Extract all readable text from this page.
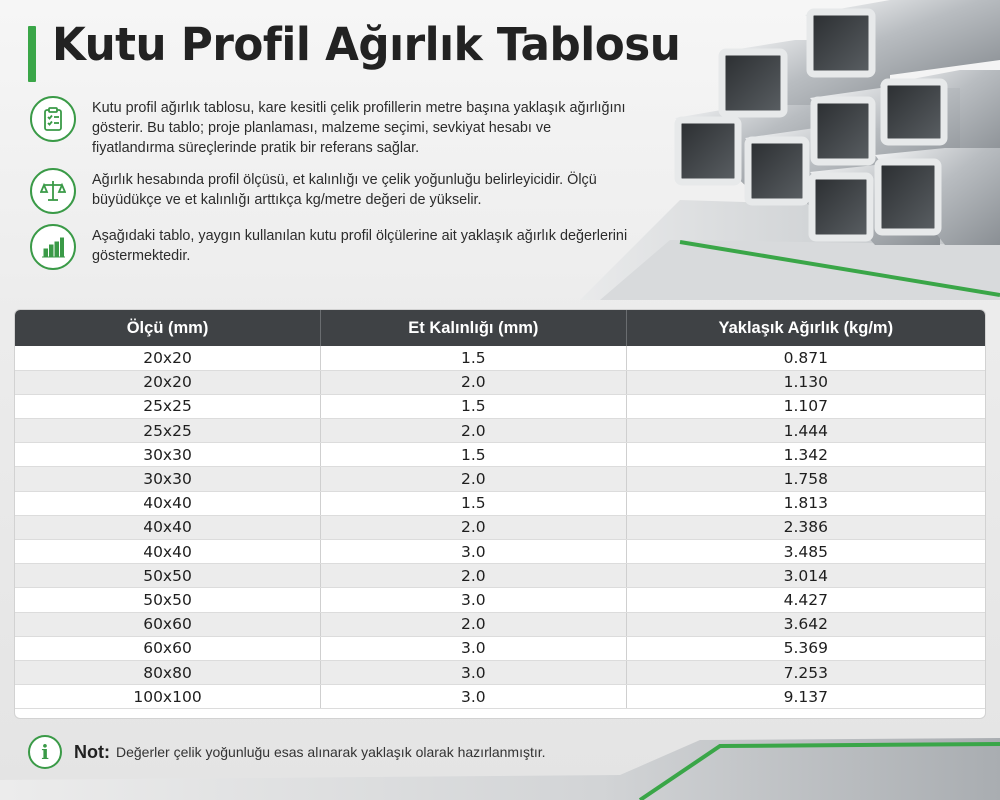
Kutu Profil Ağırlık Tablosu

Kutu profil ağırlık tablosu, kare kesitli çelik profillerin metre başına yaklaşık ağırlığını gösterir. Bu tablo; proje planlaması, malzeme seçimi, sevkiyat hesabı ve fiyatlandırma süreçlerinde pratik bir referans sağlar.

Ağırlık hesabında profil ölçüsü, et kalınlığı ve çelik yoğunluğu belirleyicidir. Ölçü büyüdükçe ve et kalınlığı arttıkça kg/metre değeri de yükselir.

Aşağıdaki tablo, yaygın kullanılan kutu profil ölçülerine ait yaklaşık ağırlık değerlerini göstermektedir.

Ölçü (mm)	Et Kalınlığı (mm)	Yaklaşık Ağırlık (kg/m)
20x20	1.5	0.871
20x20	2.0	1.130
25x25	1.5	1.107
25x25	2.0	1.444
30x30	1.5	1.342
30x30	2.0	1.758
40x40	1.5	1.813
40x40	2.0	2.386
40x40	3.0	3.485
50x50	2.0	3.014
50x50	3.0	4.427
60x60	2.0	3.642
60x60	3.0	5.369
80x80	3.0	7.253
100x100	3.0	9.137
i	Not: Değerler çelik yoğunluğu esas alınarak yaklaşık olarak hazırlanmıştır.
